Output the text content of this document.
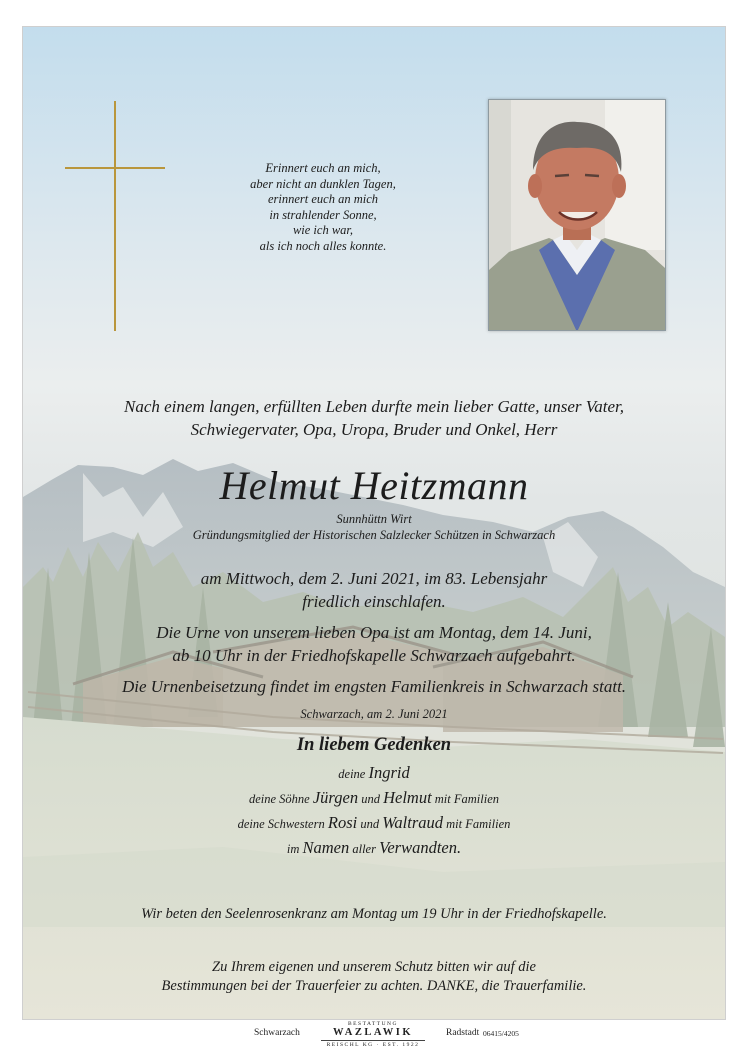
Erinnert euch an mich,
aber nicht an dunklen Tagen,
erinnert euch an mich
in strahlender Sonne,
wie ich war,
als ich noch alles konnte.
Nach einem langen, erfüllten Leben durfte mein lieber Gatte, unser Vater,
Schwiegervater, Opa, Uropa, Bruder und Onkel, Herr
Helmut Heitzmann
Sunnhüttn Wirt
Gründungsmitglied der Historischen Salzlecker Schützen in Schwarzach
am Mittwoch, dem 2. Juni 2021, im 83. Lebensjahr
friedlich einschlafen.
Die Urne von unserem lieben Opa ist am Montag, dem 14. Juni,
ab 10 Uhr in der Friedhofskapelle Schwarzach aufgebahrt.
Die Urnenbeisetzung findet im engsten Familienkreis in Schwarzach statt.
Schwarzach, am 2. Juni 2021
In liebem Gedenken
deine Ingrid
deine Söhne Jürgen und Helmut mit Familien
deine Schwestern Rosi und Waltraud mit Familien
im Namen aller Verwandten.
Wir beten den Seelenrosenkranz am Montag um 19 Uhr in der Friedhofskapelle.
Zu Ihrem eigenen und unserem Schutz bitten wir auf die
Bestimmungen bei der Trauerfeier zu achten. DANKE, die Trauerfamilie.
Schwarzach
BESTATTUNG
WAZLAWIK
REISCHL KG · EST. 1922
Radstadt 06415/4205
